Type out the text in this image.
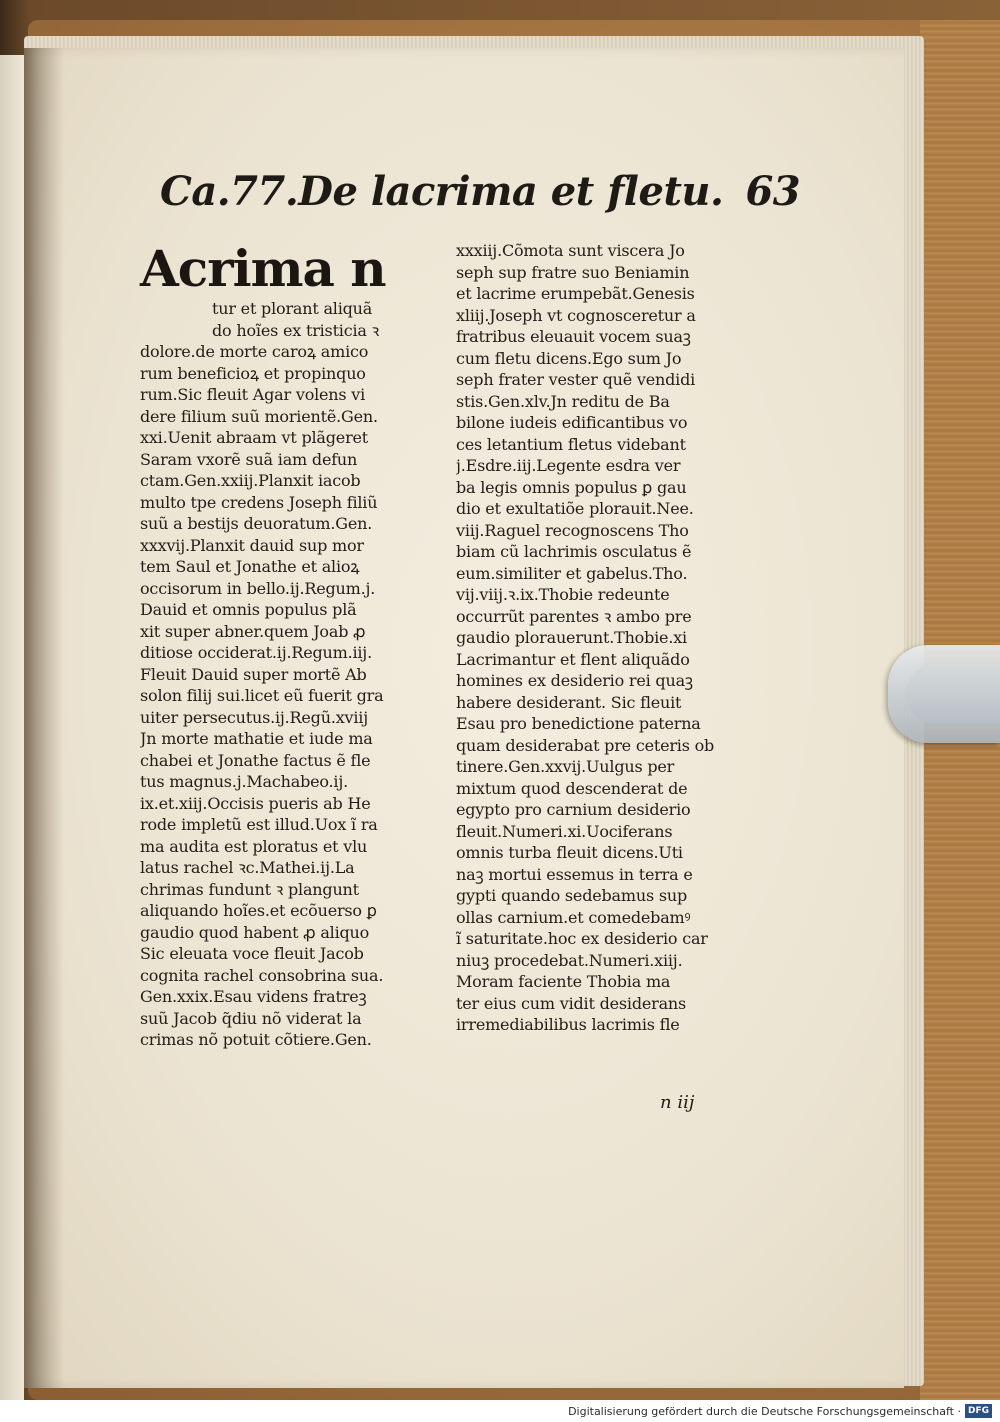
Ca.77.De lacrima et fletu. 63
Acrima n
tur et plorant aliquã
do hoĩes ex tristicia ꝛ
dolore.de morte caroꝝ amico
rum beneficioꝝ et propinquo
rum.Sic fleuit Agar volens vi
dere filium suũ morientẽ.Gen.
xxi.Uenit abraam vt plãgeret
Saram vxorẽ suã iam defun
ctam.Gen.xxiij.Planxit iacob
multo tpe credens Joseph filiũ
suũ a bestijs deuoratum.Gen.
xxxvij.Planxit dauid sup mor
tem Saul et Jonathe et alioꝝ
occisorum in bello.ij.Regum.j.
Dauid et omnis populus plã
xit super abner.quem Joab ꝓ
ditiose occiderat.ij.Regum.iij.
Fleuit Dauid super mortẽ Ab
solon filij sui.licet eũ fuerit gra
uiter persecutus.ij.Regũ.xviij
Jn morte mathatie et iude ma
chabei et Jonathe factus ẽ fle
tus magnus.j.Machabeo.ij.
ix.et.xiij.Occisis pueris ab He
rode impletũ est illud.Uox ĩ ra
ma audita est ploratus et vlu
latus rachel ꝛc.Mathei.ij.La
chrimas fundunt ꝛ plangunt
aliquando hoĩes.et ecõuerso ꝑ
gaudio quod habent ꝓ aliquo
Sic eleuata voce fleuit Jacob
cognita rachel consobrina sua.
Gen.xxix.Esau videns fratreꝫ
suũ Jacob q̃diu nõ viderat la
crimas nõ potuit cõtiere.Gen.
xxxiij.Cõmota sunt viscera Jo
seph sup fratre suo Beniamin
et lacrime erumpebãt.Genesis
xliij.Joseph vt cognosceretur a
fratribus eleuauit vocem suaꝫ
cum fletu dicens.Ego sum Jo
seph frater vester quẽ vendidi
stis.Gen.xlv.Jn reditu de Ba
bilone iudeis edificantibus vo
ces letantium fletus videbant
j.Esdre.iij.Legente esdra ver
ba legis omnis populus ꝑ gau
dio et exultatiõe plorauit.Nee.
viij.Raguel recognoscens Tho
biam cũ lachrimis osculatus ẽ
eum.similiter et gabelus.Tho.
vij.viij.ꝛ.ix.Thobie redeunte
occurrũt parentes ꝛ ambo pre
gaudio plorauerunt.Thobie.xi
Lacrimantur et flent aliquãdo
homines ex desiderio rei quaꝫ
habere desiderant. Sic fleuit
Esau pro benedictione paterna
quam desiderabat pre ceteris ob
tinere.Gen.xxvij.Uulgus per
mixtum quod descenderat de
egypto pro carnium desiderio
fleuit.Numeri.xi.Uociferans
omnis turba fleuit dicens.Uti
naꝫ mortui essemus in terra e
gypti quando sedebamus sup
ollas carnium.et comedebamꝰ
ĩ saturitate.hoc ex desiderio car
niuꝫ procedebat.Numeri.xiij.
Moram faciente Thobia ma
ter eius cum vidit desiderans
irremediabilibus lacrimis fle
n iij
Digitalisierung gefördert durch die Deutsche Forschungsgemeinschaft · DFG
